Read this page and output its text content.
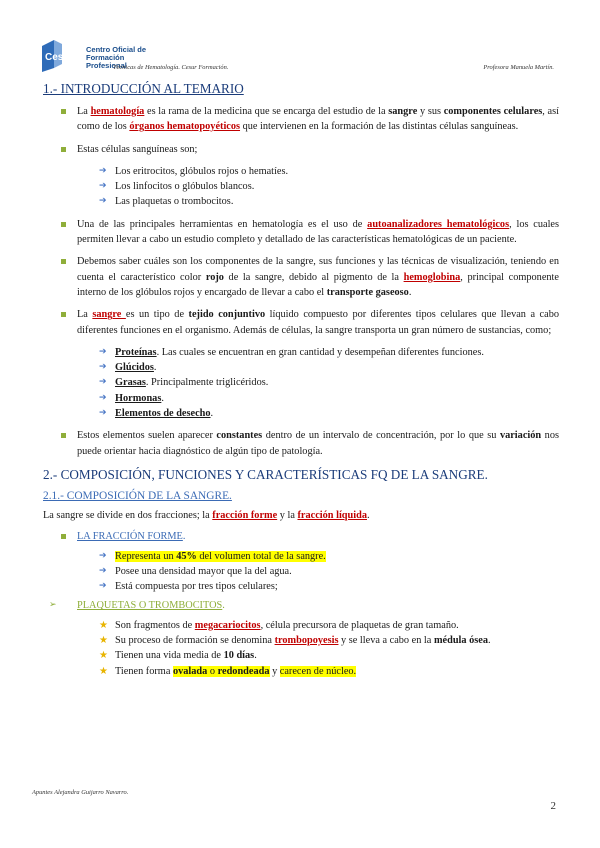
Cesur
Centro Oficial de
Formación Profesional
Técnicas de Hematología. Cesur Formación.	Profesora Manuela Martín.
1.- INTRODUCCIÓN AL TEMARIO
La hematología es la rama de la medicina que se encarga del estudio de la sangre y sus componentes celulares, así como de los órganos hematopoyéticos que intervienen en la formación de las distintas células sanguíneas.
Estas células sanguíneas son;
➔ Los eritrocitos, glóbulos rojos o hematíes.
➔ Los linfocitos o glóbulos blancos.
➔ Las plaquetas o trombocitos.
Una de las principales herramientas en hematología es el uso de autoanalizadores hematológicos, los cuales permiten llevar a cabo un estudio completo y detallado de las características hematológicas de un paciente.
Debemos saber cuáles son los componentes de la sangre, sus funciones y las técnicas de visualización, teniendo en cuenta el característico color rojo de la sangre, debido al pigmento de la hemoglobina, principal componente interno de los glóbulos rojos y encargado de llevar a cabo el transporte gaseoso.
La sangre es un tipo de tejido conjuntivo líquido compuesto por diferentes tipos celulares que llevan a cabo diferentes funciones en el organismo. Además de células, la sangre transporta un gran número de sustancias, como;
➔ Proteínas. Las cuales se encuentran en gran cantidad y desempeñan diferentes funciones.
➔ Glúcidos.
➔ Grasas. Principalmente triglicéridos.
➔ Hormonas.
➔ Elementos de desecho.
Estos elementos suelen aparecer constantes dentro de un intervalo de concentración, por lo que su variación nos puede orientar hacia diagnóstico de algún tipo de patología.
2.- COMPOSICIÓN, FUNCIONES Y CARACTERÍSTICAS FQ DE LA SANGRE.
2.1.- COMPOSICIÓN DE LA SANGRE.

La sangre se divide en dos fracciones; la fracción forme y la fracción líquida.

LA FRACCIÓN FORME.
➔ Representa un 45% del volumen total de la sangre.
➔ Posee una densidad mayor que la del agua.
➔ Está compuesta por tres tipos celulares;
➢ PLAQUETAS O TROMBOCITOS.
★ Son fragmentos de megacariocitos, célula precursora de plaquetas de gran tamaño.
★ Su proceso de formación se denomina trombopoyesis y se lleva a cabo en la médula ósea.
★ Tienen una vida media de 10 días.
★ Tienen forma ovalada o redondeada y carecen de núcleo.
Apuntes Alejandra Guijarro Navarro.
2
